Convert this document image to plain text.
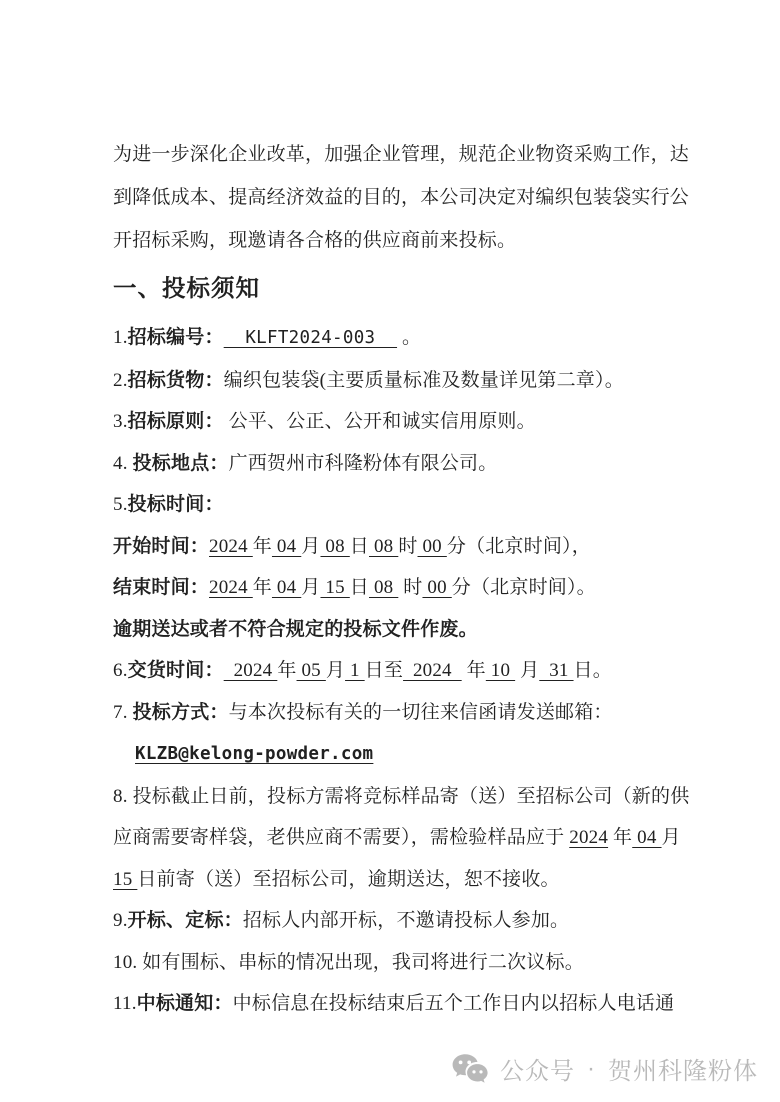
为进一步深化企业改革，加强企业管理，规范企业物资采购工作，达
到降低成本、提高经济效益的目的，本公司决定对编织包装袋实行公
开招标采购，现邀请各合格的供应商前来投标。
一、投标须知
1.招标编号：  KLFT2024-003   。
2.招标货物：编织包装袋(主要质量标准及数量详见第二章）。
3.招标原则： 公平、公正、公开和诚实信用原则。
4. 投标地点：广西贺州市科隆粉体有限公司。
5.投标时间：
开始时间：2024 年 04 月 08 日 08 时 00 分（北京时间），
结束时间：2024 年 04 月 15 日 08  时 00 分（北京时间）。
逾期送达或者不符合规定的投标文件作废。
6.交货时间：  2024 年 05 月 1 日至  2024   年 10  月  31 日。
7. 投标方式：与本次投标有关的一切往来信函请发送邮箱：
KLZB@kelong-powder.com
8. 投标截止日前，投标方需将竞标样品寄（送）至招标公司（新的供
应商需要寄样袋，老供应商不需要），需检验样品应于 2024 年 04 月
15 日前寄（送）至招标公司，逾期送达，恕不接收。
9.开标、定标：招标人内部开标，不邀请投标人参加。
10. 如有围标、串标的情况出现，我司将进行二次议标。
11.中标通知：中标信息在投标结束后五个工作日内以招标人电话通
公众号 · 贺州科隆粉体
